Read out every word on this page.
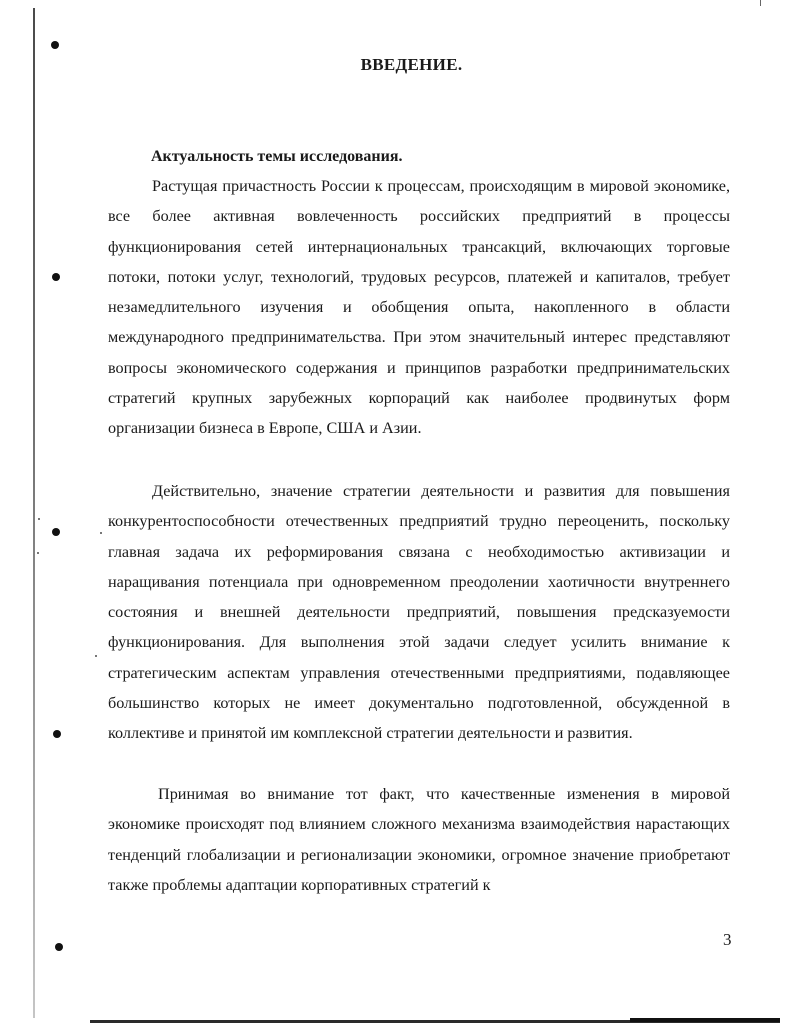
ВВЕДЕНИЕ.
Актуальность темы исследования.

Растущая причастность России к процессам, происходящим в мировой экономике, все более активная вовлеченность российских предприятий в процессы функционирования сетей интернациональных трансакций, включающих торговые потоки, потоки услуг, технологий, трудовых ресурсов, платежей и капиталов, требует незамедлительного изучения и обобщения опыта, накопленного в области международного предпринимательства. При этом значительный интерес представляют вопросы экономического содержания и принципов разработки предпринимательских стратегий крупных зарубежных корпораций как наиболее продвинутых форм организации бизнеса в Европе, США и Азии.

Действительно, значение стратегии деятельности и развития для повышения конкурентоспособности отечественных предприятий трудно переоценить, поскольку главная задача их реформирования связана с необходимостью активизации и наращивания потенциала при одновременном преодолении хаотичности внутреннего состояния и внешней деятельности предприятий, повышения предсказуемости функционирования. Для выполнения этой задачи следует усилить внимание к стратегическим аспектам управления отечественными предприятиями, подавляющее большинство которых не имеет документально подготовленной, обсужденной в коллективе и принятой им комплексной стратегии деятельности и развития.

Принимая во внимание тот факт, что качественные изменения в мировой экономике происходят под влиянием сложного механизма взаимодействия нарастающих тенденций глобализации и регионализации экономики, огромное значение приобретают также проблемы адаптации корпоративных стратегий к

3
